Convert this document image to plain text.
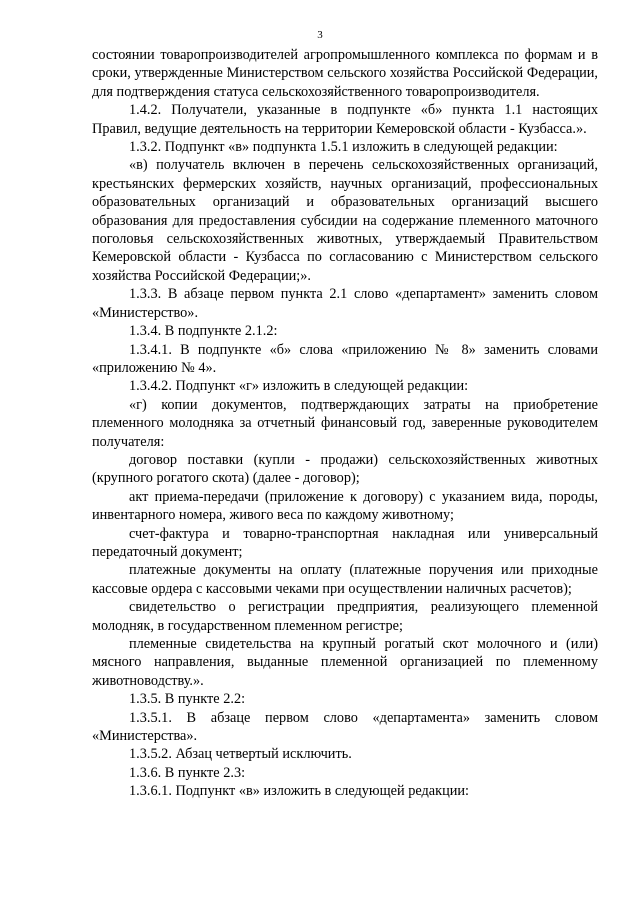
3

состоянии товаропроизводителей агропромышленного комплекса по формам и в сроки, утвержденные Министерством сельского хозяйства Российской Федерации, для подтверждения статуса сельскохозяйственного товаропроизводителя.

1.4.2. Получатели, указанные в подпункте «б» пункта 1.1 настоящих Правил, ведущие деятельность на территории Кемеровской области - Кузбасса.».

1.3.2. Подпункт «в» подпункта 1.5.1 изложить в следующей редакции:

«в) получатель включен в перечень сельскохозяйственных организаций, крестьянских фермерских хозяйств, научных организаций, профессиональных образовательных организаций и образовательных организаций высшего образования для предоставления субсидии на содержание племенного маточного поголовья сельскохозяйственных животных, утверждаемый Правительством Кемеровской области - Кузбасса по согласованию с Министерством сельского хозяйства Российской Федерации;».

1.3.3. В абзаце первом пункта 2.1 слово «департамент» заменить словом «Министерство».

1.3.4. В подпункте 2.1.2:

1.3.4.1. В подпункте «б» слова «приложению № 8» заменить словами «приложению № 4».

1.3.4.2. Подпункт «г» изложить в следующей редакции:

«г) копии документов, подтверждающих затраты на приобретение племенного молодняка за отчетный финансовый год, заверенные руководителем получателя:

договор поставки (купли - продажи) сельскохозяйственных животных (крупного рогатого скота) (далее - договор);

акт приема-передачи (приложение к договору) с указанием вида, породы, инвентарного номера, живого веса по каждому животному;

счет-фактура и товарно-транспортная накладная или универсальный передаточный документ;

платежные документы на оплату (платежные поручения или приходные кассовые ордера с кассовыми чеками при осуществлении наличных расчетов);

свидетельство о регистрации предприятия, реализующего племенной молодняк, в государственном племенном регистре;

племенные свидетельства на крупный рогатый скот молочного и (или) мясного направления, выданные племенной организацией по племенному животноводству.».

1.3.5. В пункте 2.2:

1.3.5.1. В абзаце первом слово «департамента» заменить словом «Министерства».

1.3.5.2. Абзац четвертый исключить.

1.3.6. В пункте 2.3:

1.3.6.1. Подпункт «в» изложить в следующей редакции:
